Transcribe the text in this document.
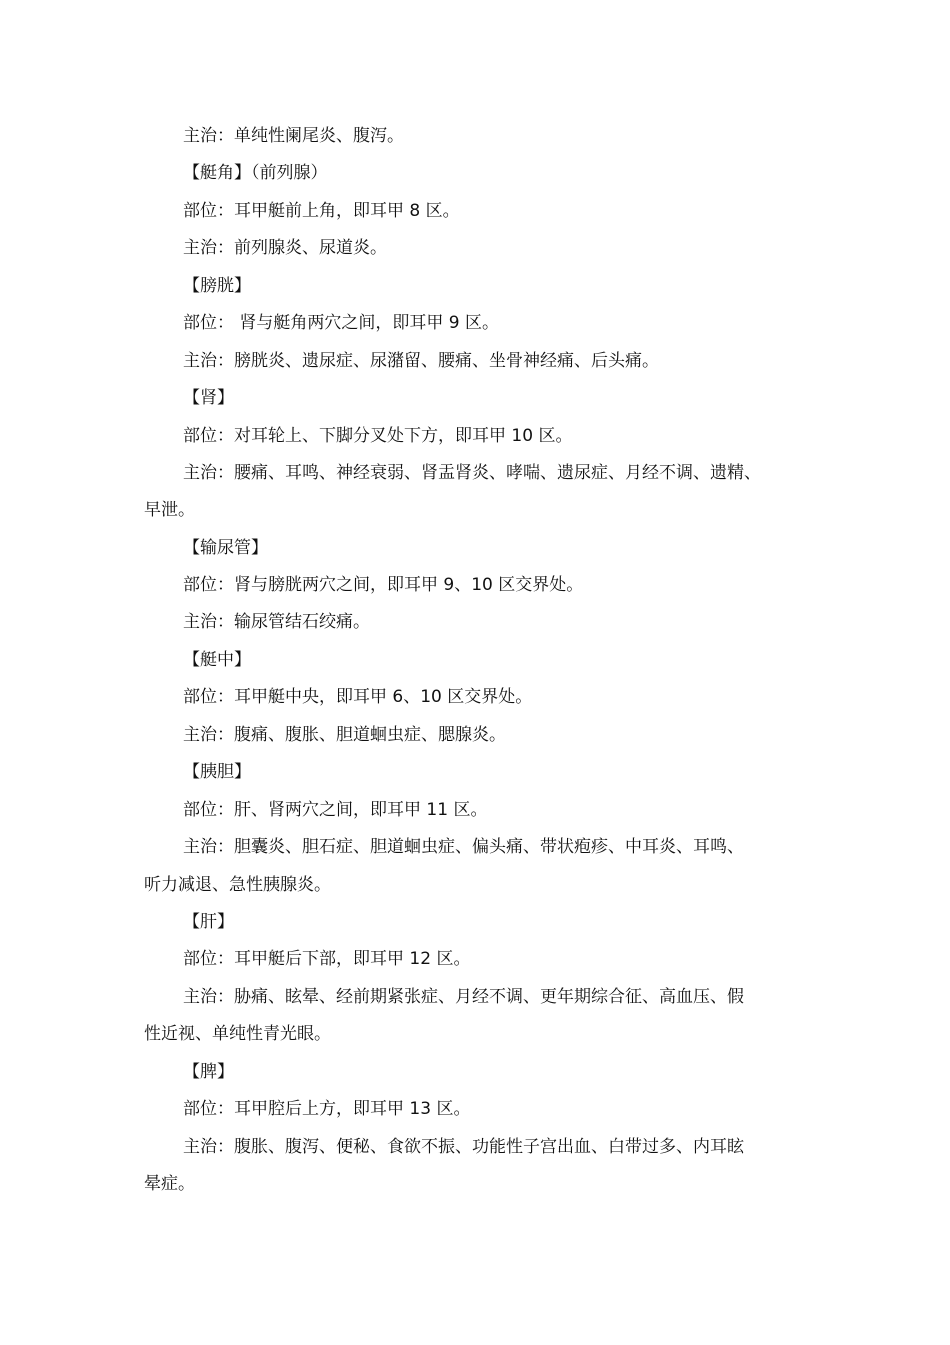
主治：单纯性阑尾炎、腹泻。
【艇角】（前列腺）
部位：耳甲艇前上角，即耳甲 8 区。
主治：前列腺炎、尿道炎。
【膀胱】
部位： 肾与艇角两穴之间，即耳甲 9 区。
主治：膀胱炎、遗尿症、尿潴留、腰痛、坐骨神经痛、后头痛。
【肾】
部位：对耳轮上、下脚分叉处下方，即耳甲 10 区。
主治：腰痛、耳鸣、神经衰弱、肾盂肾炎、哮喘、遗尿症、月经不调、遗精、
早泄。
【输尿管】
部位：肾与膀胱两穴之间，即耳甲 9、10 区交界处。
主治：输尿管结石绞痛。
【艇中】
部位：耳甲艇中央，即耳甲 6、10 区交界处。
主治：腹痛、腹胀、胆道蛔虫症、腮腺炎。
【胰胆】
部位：肝、肾两穴之间，即耳甲 11 区。
主治：胆囊炎、胆石症、胆道蛔虫症、偏头痛、带状疱疹、中耳炎、耳鸣、
听力减退、急性胰腺炎。
【肝】
部位：耳甲艇后下部，即耳甲 12 区。
主治：胁痛、眩晕、经前期紧张症、月经不调、更年期综合征、高血压、假
性近视、单纯性青光眼。
【脾】
部位：耳甲腔后上方，即耳甲 13 区。
主治：腹胀、腹泻、便秘、食欲不振、功能性子宫出血、白带过多、内耳眩
晕症。
